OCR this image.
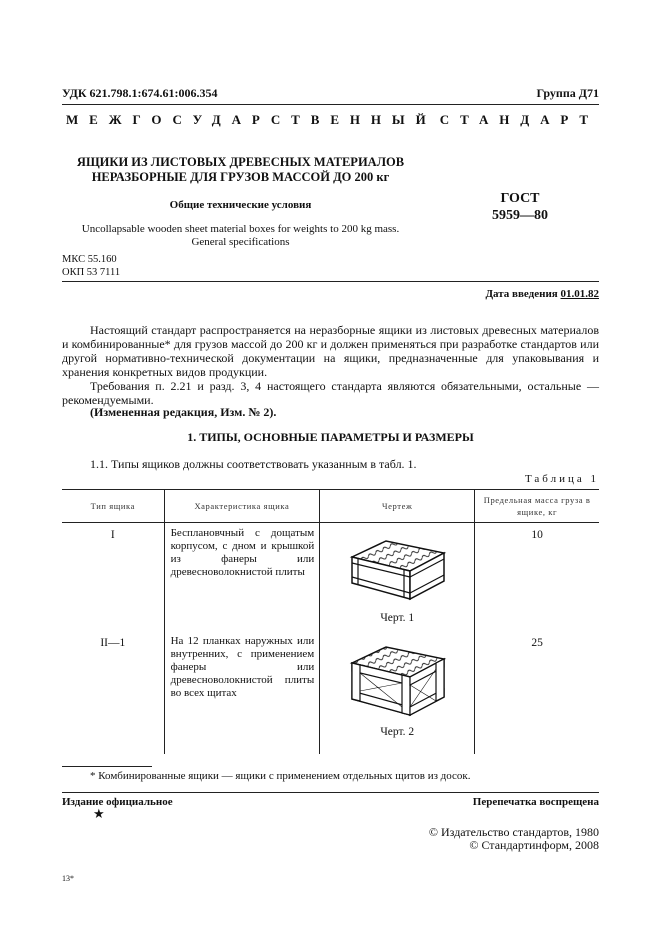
УДК 621.798.1:674.61:006.354	Группа Д71
МЕЖГОСУДАРСТВЕННЫЙ СТАНДАРТ
ЯЩИКИ ИЗ ЛИСТОВЫХ ДРЕВЕСНЫХ МАТЕРИАЛОВ
НЕРАЗБОРНЫЕ ДЛЯ ГРУЗОВ МАССОЙ ДО 200 кг
Общие технические условия
Uncollapsable wooden sheet material boxes for weights to 200 kg mass.
General specifications
ГОСТ
5959—80
МКС 55.160
ОКП 53 7111
Дата введения 01.01.82
Настоящий стандарт распространяется на неразборные ящики из листовых древесных материалов и комбинированные* для грузов массой до 200 кг и должен применяться при разработке стандартов или другой нормативно-технической документации на ящики, предназначенные для упаковывания и хранения конкретных видов продукции.
Требования п. 2.21 и разд. 3, 4 настоящего стандарта являются обязательными, остальные — рекомендуемыми.
(Измененная редакция, Изм. № 2).
1. ТИПЫ, ОСНОВНЫЕ ПАРАМЕТРЫ И РАЗМЕРЫ
1.1. Типы ящиков должны соответствовать указанным в табл. 1.
Таблица 1
Тип ящика	Характеристика ящика	Чертеж	Предельная масса груза в ящике, кг
I	Бесплановчный с дощатым корпусом, с дном и крышкой из фанеры или древесноволокнистой плиты	Черт. 1	10
II—1	На 12 планках наружных или внутренних, с применением фанеры или древесноволокнистой плиты во всех щитах	Черт. 2	25
* Комбинированные ящики — ящики с применением отдельных щитов из досок.
Издание официальное
★
Перепечатка воспрещена
© Издательство стандартов, 1980
© Стандартинформ, 2008
13*
